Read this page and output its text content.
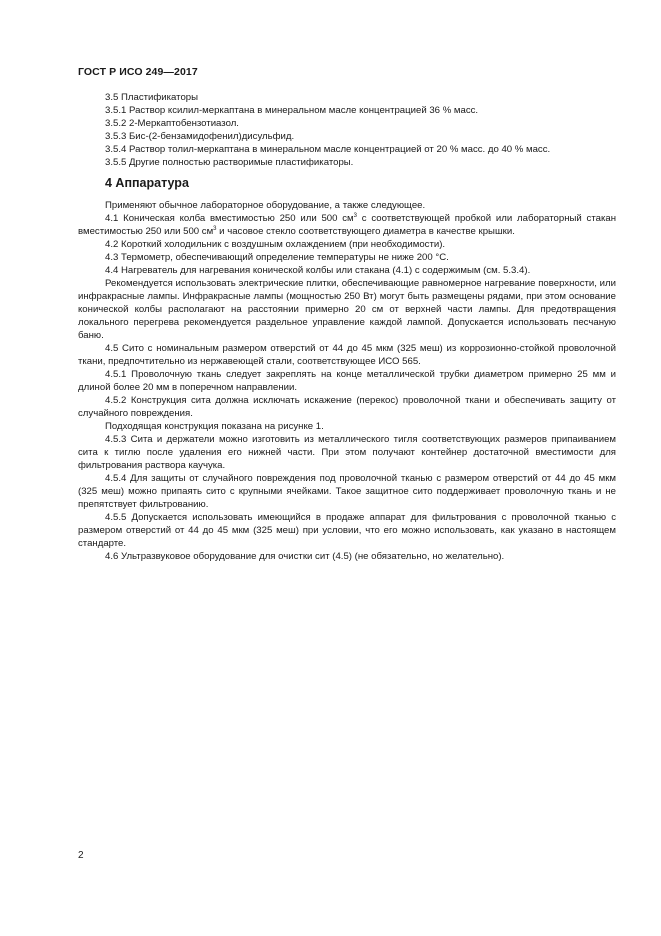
ГОСТ Р ИСО 249—2017

3.5 Пластификаторы

3.5.1 Раствор ксилил-меркаптана в минеральном масле концентрацией 36 % масс.

3.5.2 2-Меркаптобензотиазол.

3.5.3 Бис-(2-бензамидофенил)дисульфид.

3.5.4 Раствор толил-меркаптана в минеральном масле концентрацией от 20 % масс. до 40 % масс.

3.5.5 Другие полностью растворимые пластификаторы.

4 Аппаратура

Применяют обычное лабораторное оборудование, а также следующее.

4.1 Коническая колба вместимостью 250 или 500 $см^3$ с соответствующей пробкой или лабораторный стакан вместимостью 250 или 500 $см^3$ и часовое стекло соответствующего диаметра в качестве крышки.

4.2 Короткий холодильник с воздушным охлаждением (при необходимости).

4.3 Термометр, обеспечивающий определение температуры не ниже 200 °С.

4.4 Нагреватель для нагревания конической колбы или стакана (4.1) с содержимым (см. 5.3.4).

Рекомендуется использовать электрические плитки, обеспечивающие равномерное нагревание поверхности, или инфракрасные лампы. Инфракрасные лампы (мощностью 250 Вт) могут быть размещены рядами, при этом основание конической колбы располагают на расстоянии примерно 20 см от верхней части лампы. Для предотвращения локального перегрева рекомендуется раздельное управление каждой лампой. Допускается использовать песчаную баню.

4.5 Сито с номинальным размером отверстий от 44 до 45 мкм (325 меш) из коррозионно-стойкой проволочной ткани, предпочтительно из нержавеющей стали, соответствующее ИСО 565.

4.5.1 Проволочную ткань следует закреплять на конце металлической трубки диаметром примерно 25 мм и длиной более 20 мм в поперечном направлении.

4.5.2 Конструкция сита должна исключать искажение (перекос) проволочной ткани и обеспечивать защиту от случайного повреждения.

Подходящая конструкция показана на рисунке 1.

4.5.3 Сита и держатели можно изготовить из металлического тигля соответствующих размеров припаиванием сита к тиглю после удаления его нижней части. При этом получают контейнер достаточной вместимости для фильтрования раствора каучука.

4.5.4 Для защиты от случайного повреждения под проволочной тканью с размером отверстий от 44 до 45 мкм (325 меш) можно припаять сито с крупными ячейками. Такое защитное сито поддерживает проволочную ткань и не препятствует фильтрованию.

4.5.5 Допускается использовать имеющийся в продаже аппарат для фильтрования с проволочной тканью с размером отверстий от 44 до 45 мкм (325 меш) при условии, что его можно использовать, как указано в настоящем стандарте.

4.6 Ультразвуковое оборудование для очистки сит (4.5) (не обязательно, но желательно).

2
